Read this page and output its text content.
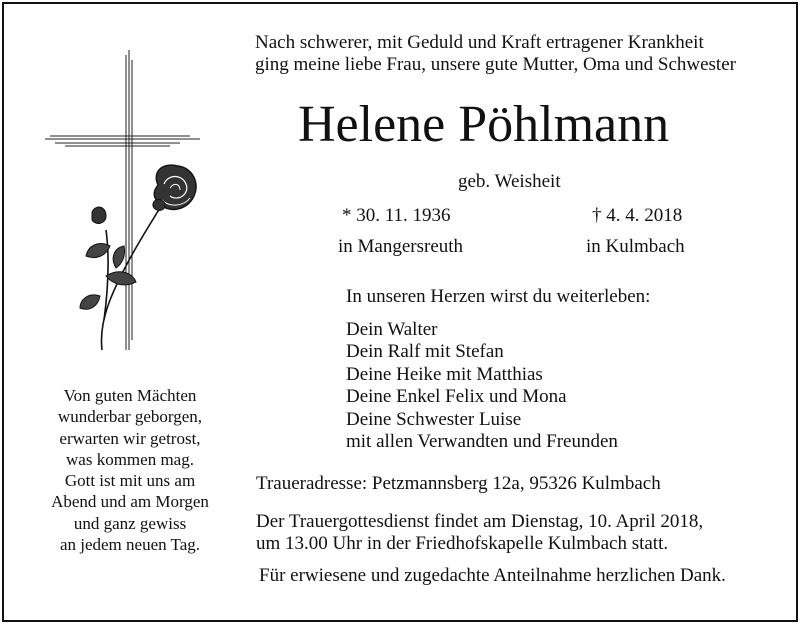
Von guten Mächten
wunderbar geborgen,
erwarten wir getrost,
was kommen mag.
Gott ist mit uns am
Abend und am Morgen
und ganz gewiss
an jedem neuen Tag.
Nach schwerer, mit Geduld und Kraft ertragener Krankheit
ging meine liebe Frau, unsere gute Mutter, Oma und Schwester
Helene Pöhlmann
geb. Weisheit
* 30. 11. 1936	† 4. 4. 2018
in Mangersreuth	in Kulmbach
In unseren Herzen wirst du weiterleben:
Dein Walter
Dein Ralf mit Stefan
Deine Heike mit Matthias
Deine Enkel Felix und Mona
Deine Schwester Luise
mit allen Verwandten und Freunden
Traueradresse: Petzmannsberg 12a, 95326 Kulmbach
Der Trauergottesdienst findet am Dienstag, 10. April 2018,
um 13.00 Uhr in der Friedhofskapelle Kulmbach statt.
Für erwiesene und zugedachte Anteilnahme herzlichen Dank.
